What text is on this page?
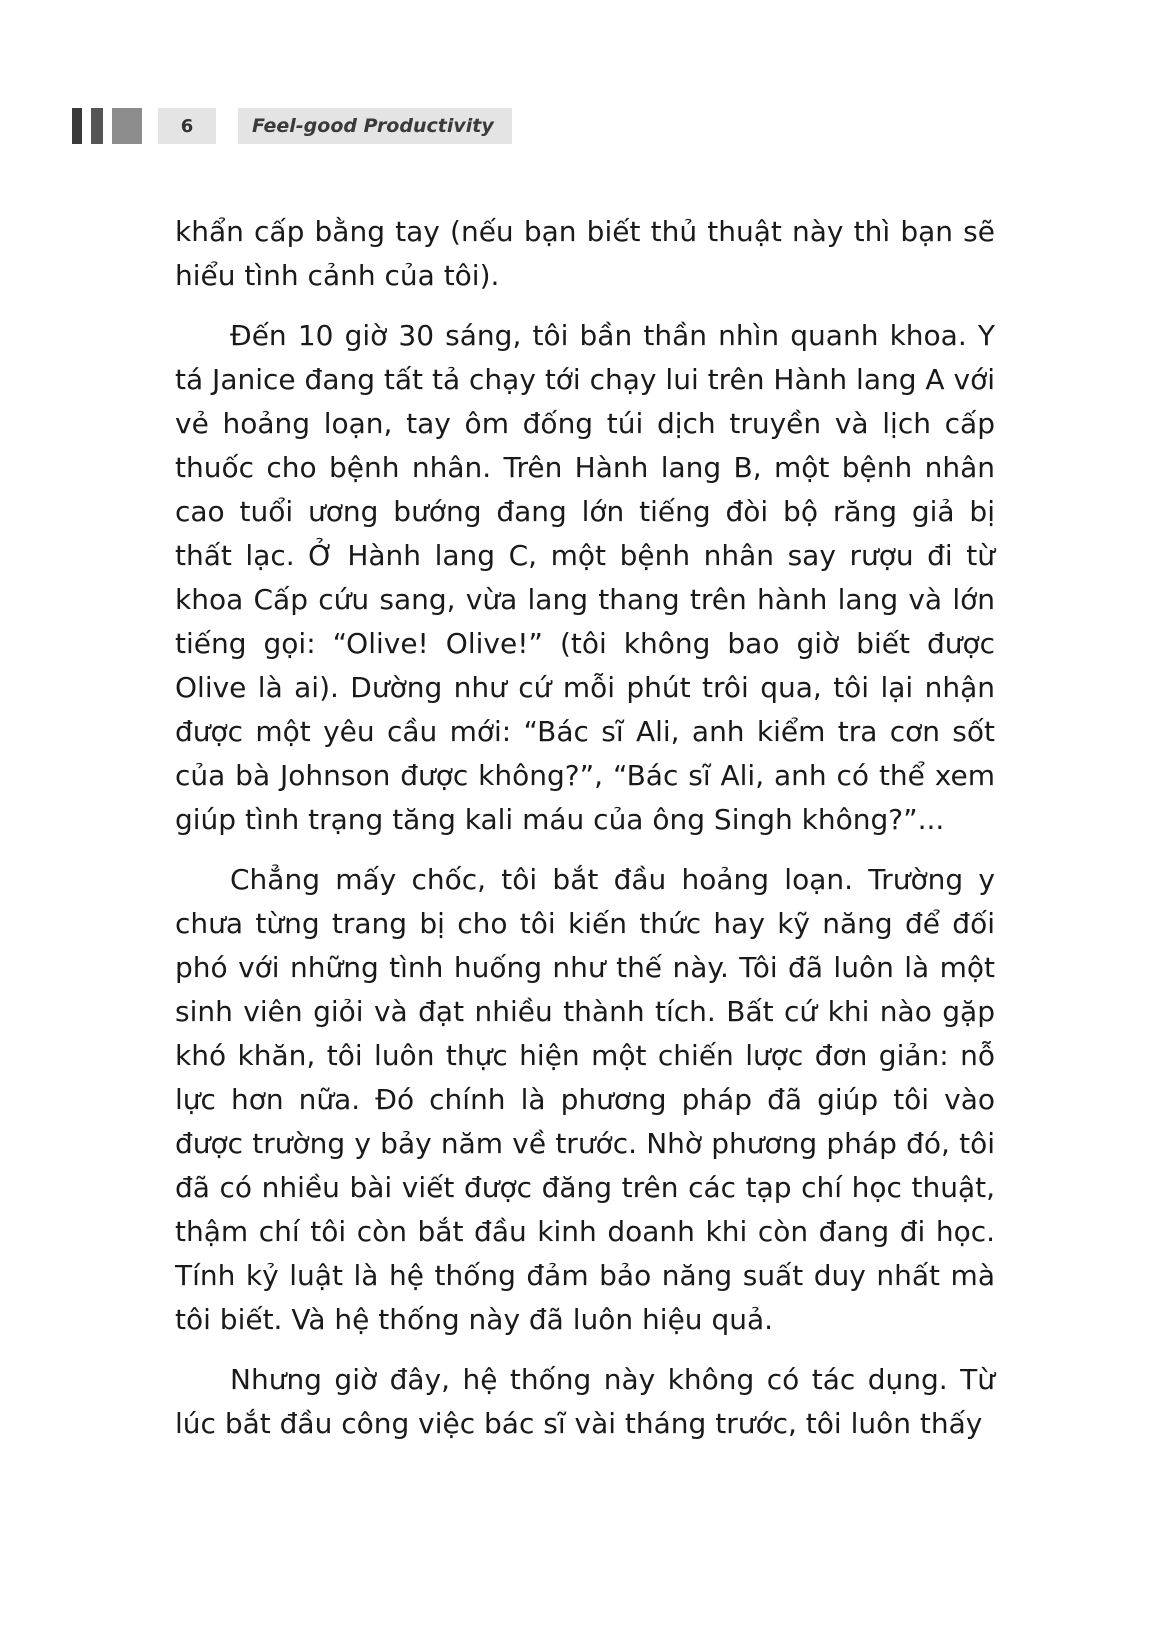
6	Feel-good Productivity

khẩn cấp bằng tay (nếu bạn biết thủ thuật này thì bạn sẽ hiểu tình cảnh của tôi).

Đến 10 giờ 30 sáng, tôi bần thần nhìn quanh khoa. Y tá Janice đang tất tả chạy tới chạy lui trên Hành lang A với vẻ hoảng loạn, tay ôm đống túi dịch truyền và lịch cấp thuốc cho bệnh nhân. Trên Hành lang B, một bệnh nhân cao tuổi ương bướng đang lớn tiếng đòi bộ răng giả bị thất lạc. Ở Hành lang C, một bệnh nhân say rượu đi từ khoa Cấp cứu sang, vừa lang thang trên hành lang và lớn tiếng gọi: “Olive! Olive!” (tôi không bao giờ biết được Olive là ai). Dường như cứ mỗi phút trôi qua, tôi lại nhận được một yêu cầu mới: “Bác sĩ Ali, anh kiểm tra cơn sốt của bà Johnson được không?”, “Bác sĩ Ali, anh có thể xem giúp tình trạng tăng kali máu của ông Singh không?”...

Chẳng mấy chốc, tôi bắt đầu hoảng loạn. Trường y chưa từng trang bị cho tôi kiến thức hay kỹ năng để đối phó với những tình huống như thế này. Tôi đã luôn là một sinh viên giỏi và đạt nhiều thành tích. Bất cứ khi nào gặp khó khăn, tôi luôn thực hiện một chiến lược đơn giản: nỗ lực hơn nữa. Đó chính là phương pháp đã giúp tôi vào được trường y bảy năm về trước. Nhờ phương pháp đó, tôi đã có nhiều bài viết được đăng trên các tạp chí học thuật, thậm chí tôi còn bắt đầu kinh doanh khi còn đang đi học. Tính kỷ luật là hệ thống đảm bảo năng suất duy nhất mà tôi biết. Và hệ thống này đã luôn hiệu quả.

Nhưng giờ đây, hệ thống này không có tác dụng. Từ lúc bắt đầu công việc bác sĩ vài tháng trước, tôi luôn thấy
